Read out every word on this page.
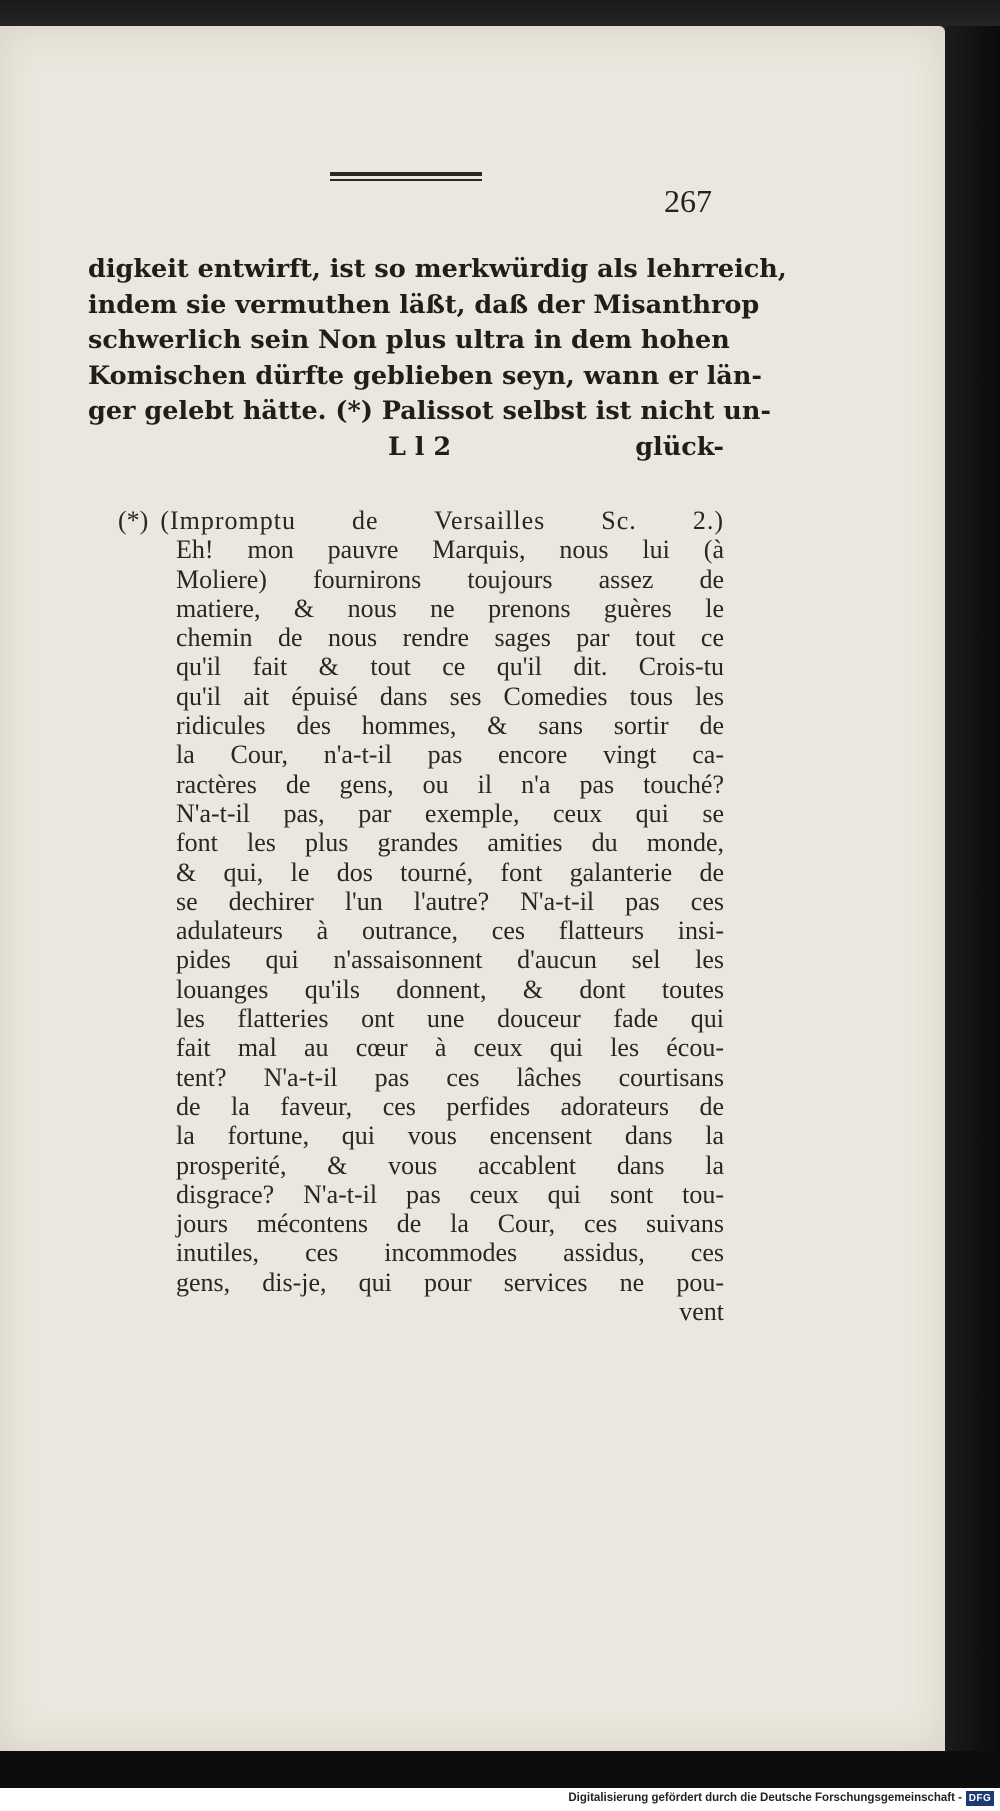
267
digkeit entwirft, ist so merkwürdig als lehrreich,
indem sie vermuthen läßt, daß der Misanthrop
schwerlich sein Non plus ultra in dem hohen
Komischen dürfte geblieben seyn, wann er län-
ger gelebt hätte. (*) Palissot selbst ist nicht un-
L l 2	glück-
(*) (Impromptu de Versailles Sc. 2.)
Eh! mon pauvre Marquis, nous lui (à
Moliere) fournirons toujours assez de
matiere, & nous ne prenons guères le
chemin de nous rendre sages par tout ce
qu'il fait & tout ce qu'il dit. Crois-tu
qu'il ait épuisé dans ses Comedies tous les
ridicules des hommes, & sans sortir de
la Cour, n'a-t-il pas encore vingt ca-
ractères de gens, ou il n'a pas touché?
N'a-t-il pas, par exemple, ceux qui se
font les plus grandes amities du monde,
& qui, le dos tourné, font galanterie de
se dechirer l'un l'autre? N'a-t-il pas ces
adulateurs à outrance, ces flatteurs insi-
pides qui n'assaisonnent d'aucun sel les
louanges qu'ils donnent, & dont toutes
les flatteries ont une douceur fade qui
fait mal au cœur à ceux qui les écou-
tent? N'a-t-il pas ces lâches courtisans
de la faveur, ces perfides adorateurs de
la fortune, qui vous encensent dans la
prosperité, & vous accablent dans la
disgrace? N'a-t-il pas ceux qui sont tou-
jours mécontens de la Cour, ces suivans
inutiles, ces incommodes assidus, ces
gens, dis-je, qui pour services ne pou-
vent
Digitalisierung gefördert durch die Deutsche Forschungsgemeinschaft - DFG
